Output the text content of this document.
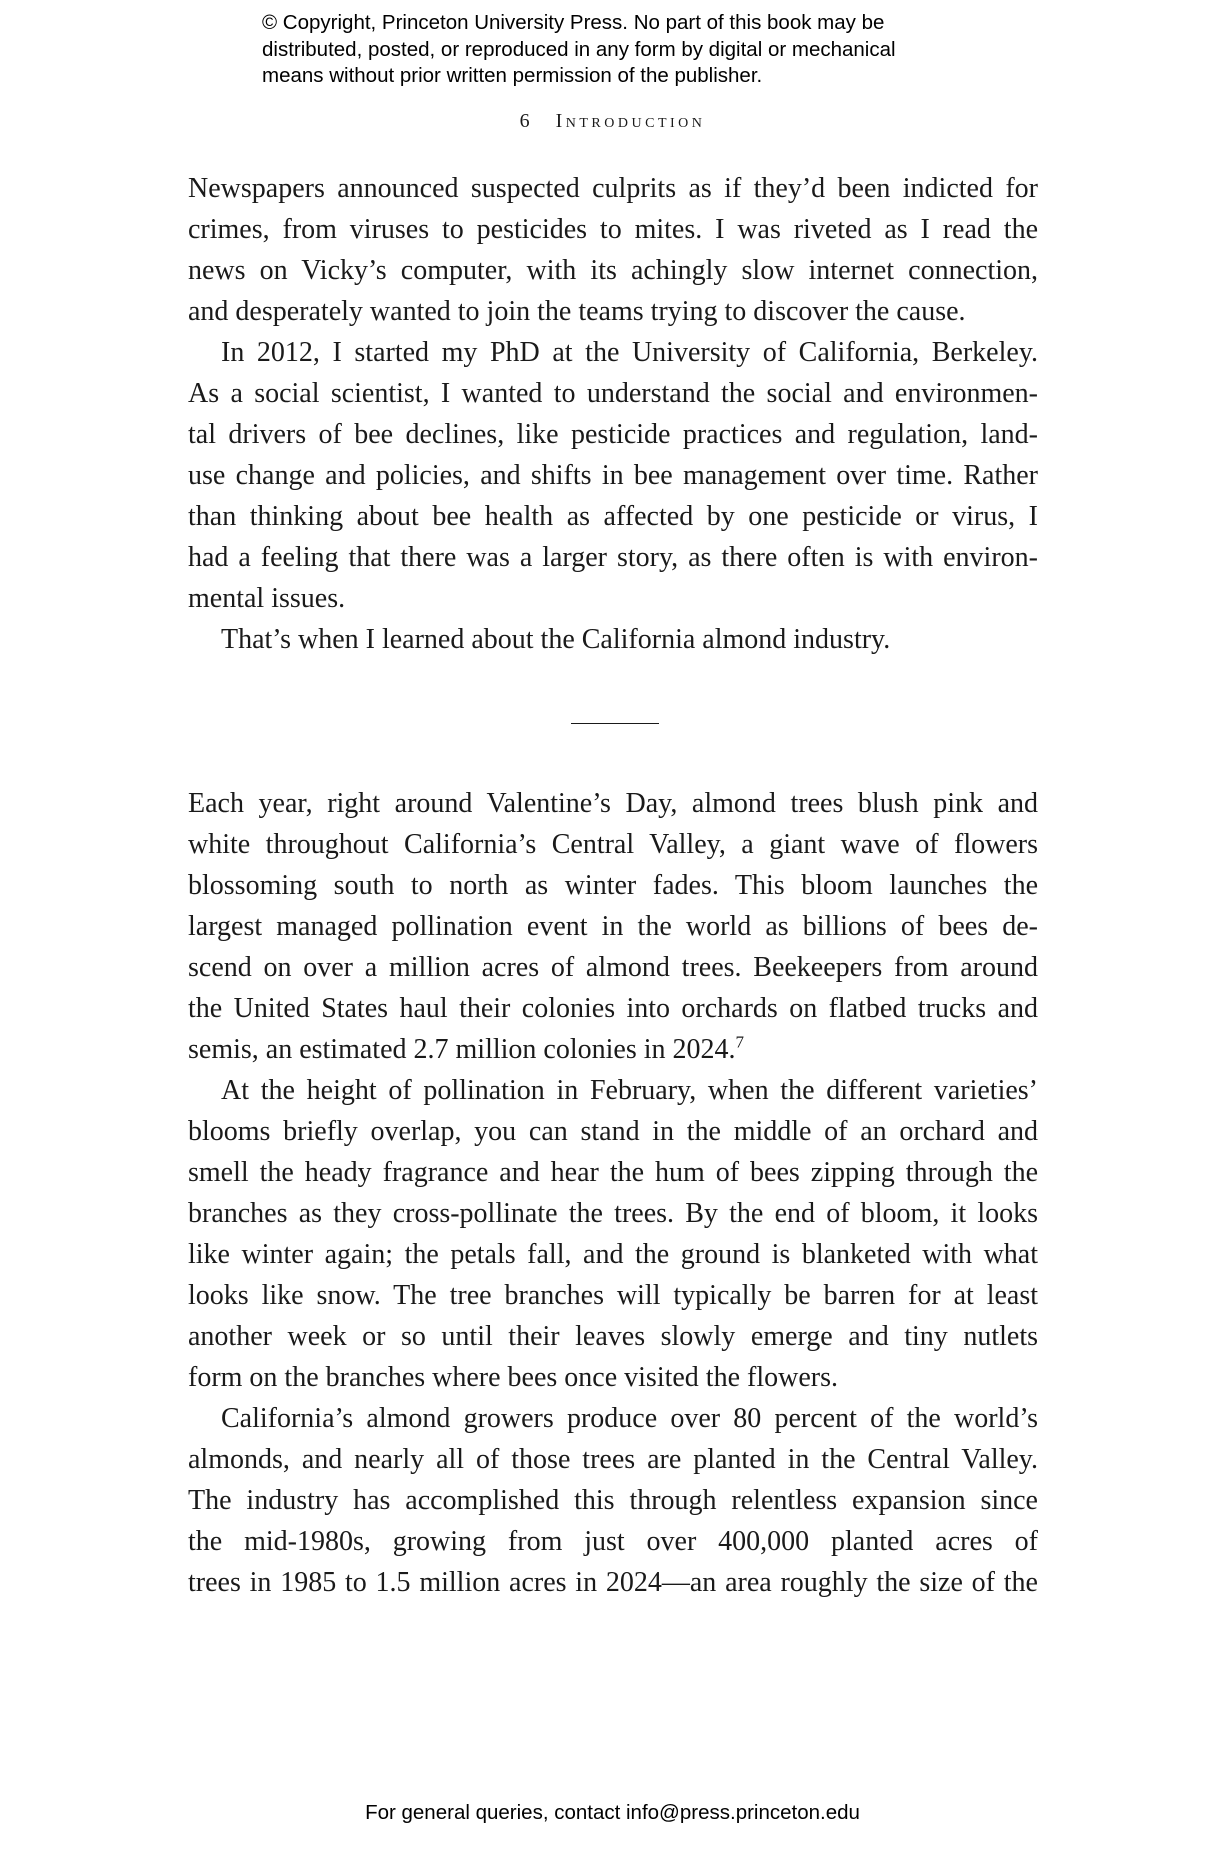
© Copyright, Princeton University Press. No part of this book may be
distributed, posted, or reproduced in any form by digital or mechanical
means without prior written permission of the publisher.
6 Introduction
Newspapers announced suspected culprits as if they’d been indicted for
crimes, from viruses to pesticides to mites. I was riveted as I read the
news on Vicky’s computer, with its achingly slow internet connection,
and desperately wanted to join the teams trying to discover the cause.
In 2012, I started my PhD at the University of California, Berkeley.
As a social scientist, I wanted to understand the social and environmen-
tal drivers of bee declines, like pesticide practices and regulation, land-
use change and policies, and shifts in bee management over time. Rather
than thinking about bee health as affected by one pesticide or virus, I
had a feeling that there was a larger story, as there often is with environ-
mental issues.
That’s when I learned about the California almond industry.
Each year, right around Valentine’s Day, almond trees blush pink and
white throughout California’s Central Valley, a giant wave of flowers
blossoming south to north as winter fades. This bloom launches the
largest managed pollination event in the world as billions of bees de-
scend on over a million acres of almond trees. Beekeepers from around
the United States haul their colonies into orchards on flatbed trucks and
semis, an estimated 2.7 million colonies in 2024.$^7$
At the height of pollination in February, when the different varieties’
blooms briefly overlap, you can stand in the middle of an orchard and
smell the heady fragrance and hear the hum of bees zipping through the
branches as they cross-pollinate the trees. By the end of bloom, it looks
like winter again; the petals fall, and the ground is blanketed with what
looks like snow. The tree branches will typically be barren for at least
another week or so until their leaves slowly emerge and tiny nutlets
form on the branches where bees once visited the flowers.
California’s almond growers produce over 80 percent of the world’s
almonds, and nearly all of those trees are planted in the Central Valley.
The industry has accomplished this through relentless expansion since
the mid-1980s, growing from just over 400,000 planted acres of
trees in 1985 to 1.5 million acres in 2024—an area roughly the size of the
For general queries, contact info@press.princeton.edu
